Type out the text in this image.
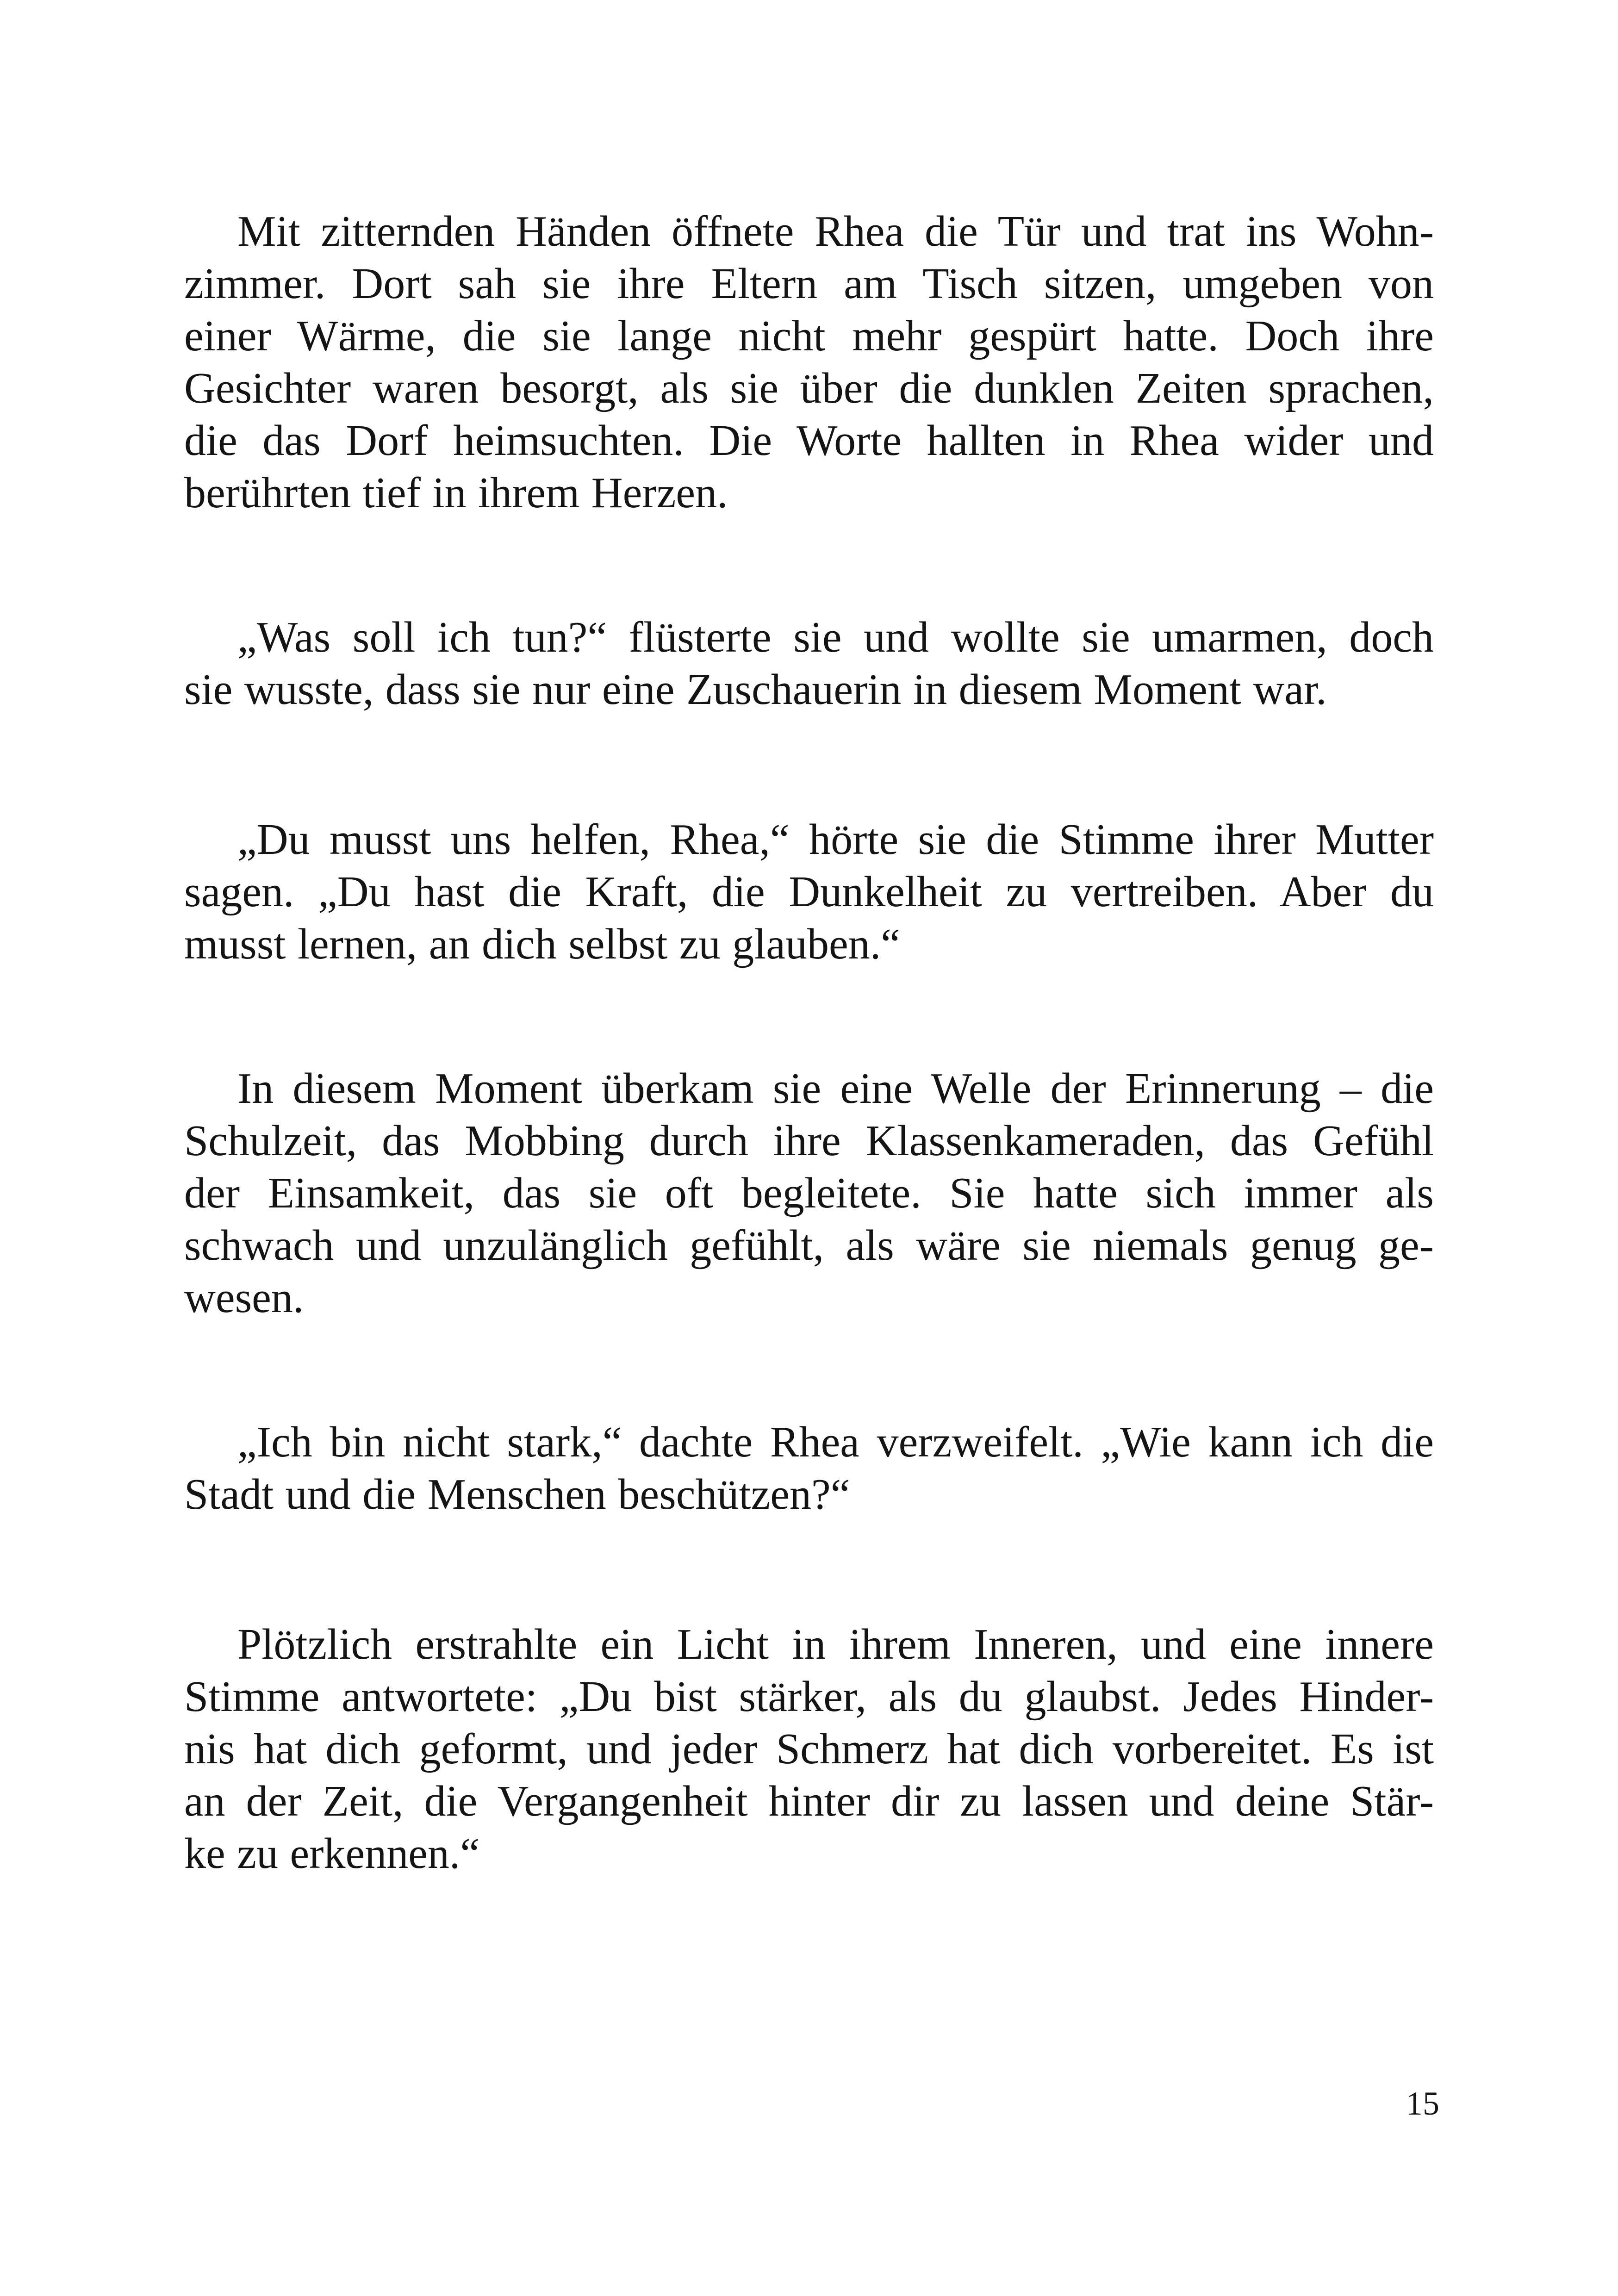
Mit zitternden Händen öffnete Rhea die Tür und trat ins Wohn-
zimmer. Dort sah sie ihre Eltern am Tisch sitzen, umgeben von
einer Wärme, die sie lange nicht mehr gespürt hatte. Doch ihre
Gesichter waren besorgt, als sie über die dunklen Zeiten sprachen,
die das Dorf heimsuchten. Die Worte hallten in Rhea wider und
berührten tief in ihrem Herzen.
„Was soll ich tun?“ flüsterte sie und wollte sie umarmen, doch
sie wusste, dass sie nur eine Zuschauerin in diesem Moment war.
„Du musst uns helfen, Rhea,“ hörte sie die Stimme ihrer Mutter
sagen. „Du hast die Kraft, die Dunkelheit zu vertreiben. Aber du
musst lernen, an dich selbst zu glauben.“
In diesem Moment überkam sie eine Welle der Erinnerung – die
Schulzeit, das Mobbing durch ihre Klassenkameraden, das Gefühl
der Einsamkeit, das sie oft begleitete. Sie hatte sich immer als
schwach und unzulänglich gefühlt, als wäre sie niemals genug ge-
wesen.
„Ich bin nicht stark,“ dachte Rhea verzweifelt. „Wie kann ich die
Stadt und die Menschen beschützen?“
Plötzlich erstrahlte ein Licht in ihrem Inneren, und eine innere
Stimme antwortete: „Du bist stärker, als du glaubst. Jedes Hinder-
nis hat dich geformt, und jeder Schmerz hat dich vorbereitet. Es ist
an der Zeit, die Vergangenheit hinter dir zu lassen und deine Stär-
ke zu erkennen.“
15
